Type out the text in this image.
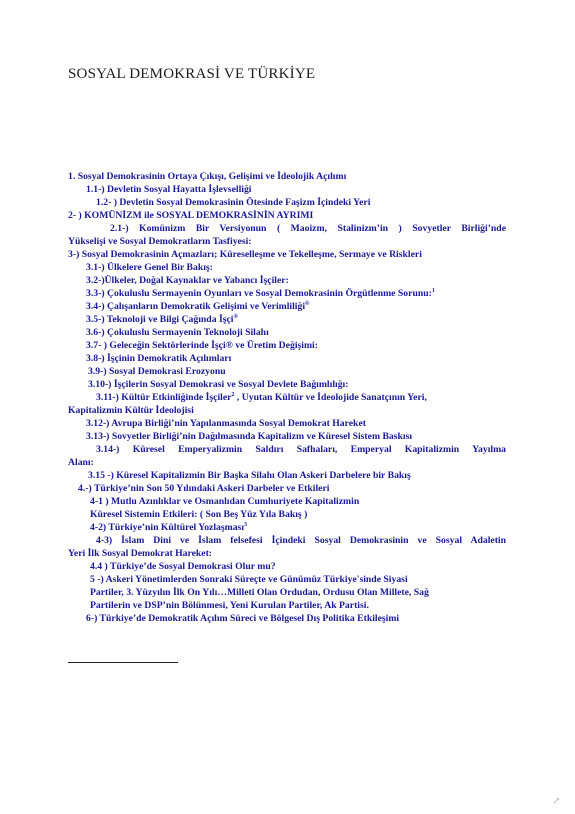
SOSYAL DEMOKRASİ VE TÜRKİYE
1. Sosyal Demokrasinin Ortaya Çıkışı, Gelişimi ve İdeolojik Açılımı
1.1-) Devletin Sosyal Hayatta İşlevselliği
1.2- ) Devletin Sosyal Demokrasinin Ötesinde Faşizm İçindeki Yeri
2- ) KOMÜNİZM ile SOSYAL DEMOKRASİNİN AYRIMI
2.1-) Komünizm Bir Versiyonun ( Maoizm, Stalinizm’in ) Sovyetler Birliği’nde
Yükselişi ve Sosyal Demokratların Tasfiyesi:
3-) Sosyal Demokrasinin Açmazları; Küreselleşme ve Tekelleşme, Sermaye ve Riskleri
3.1-) Ülkelere Genel Bir Bakış:
3.2-)Ülkeler, Doğal Kaynaklar ve Yabancı İşçiler:
3.3-) Çokuluslu Sermayenin Oyunları ve Sosyal Demokrasinin Örgütlenme Sorunu:$^1$
3.4-) Çalışanların Demokratik Gelişimi ve Verimliliği®
3.5-) Teknoloji ve Bilgi Çağında İşçi®
3.6-) Çokuluslu Sermayenin Teknoloji Silahı
3.7- ) Geleceğin Sektörlerinde İşçi® ve Üretim Değişimi:
3.8-) İşçinin Demokratik Açılımları
3.9-) Sosyal Demokrasi Erozyonu
3.10-) İşçilerin Sosyal Demokrasi ve Sosyal Devlete Bağımlılığı:
3.11-) Kültür Etkinliğinde İşçiler$^2$ , Uyutan Kültür ve İdeolojide Sanatçının Yeri,
Kapitalizmin Kültür İdeolojisi
3.12-) Avrupa Birliği’nin Yapılanmasında Sosyal Demokrat Hareket
3.13-) Sovyetler Birliği’nin Dağılmasında Kapitalizm ve Küresel Sistem Baskısı
3.14-) Küresel Emperyalizmin Saldırı Safhaları, Emperyal Kapitalizmin Yayılma
Alanı:
3.15 -) Küresel Kapitalizmin Bir Başka Silahı Olan Askeri Darbelere bir Bakış
4.-) Türkiye’nin Son 50 Yılındaki Askeri Darbeler ve Etkileri
4-1 ) Mutlu Azınlıklar ve Osmanlıdan Cumhuriyete Kapitalizmin
Küresel Sistemin Etkileri: ( Son Beş Yüz Yıla Bakış )
4-2) Türkiye’nin Kültürel Yozlaşması$^3$
4-3) İslam Dini ve İslam felsefesi İçindeki Sosyal Demokrasinin ve Sosyal Adaletin
Yeri İlk Sosyal Demokrat Hareket:
4.4 ) Türkiye’de Sosyal Demokrasi Olur mu?
5 -) Askeri Yönetimlerden Sonraki Süreçte ve Günümüz Türkiye'sinde Siyasi
Partiler, 3. Yüzyılın İlk On Yılı…Milleti Olan Ordudan, Ordusu Olan Millete, Sağ
Partilerin ve DSP’nin Bölünmesi, Yeni Kurulan Partiler, Ak Partisi.
6-) Türkiye’de Demokratik Açılım Süreci ve Bölgesel Dış Politika Etkileşimi
↗
